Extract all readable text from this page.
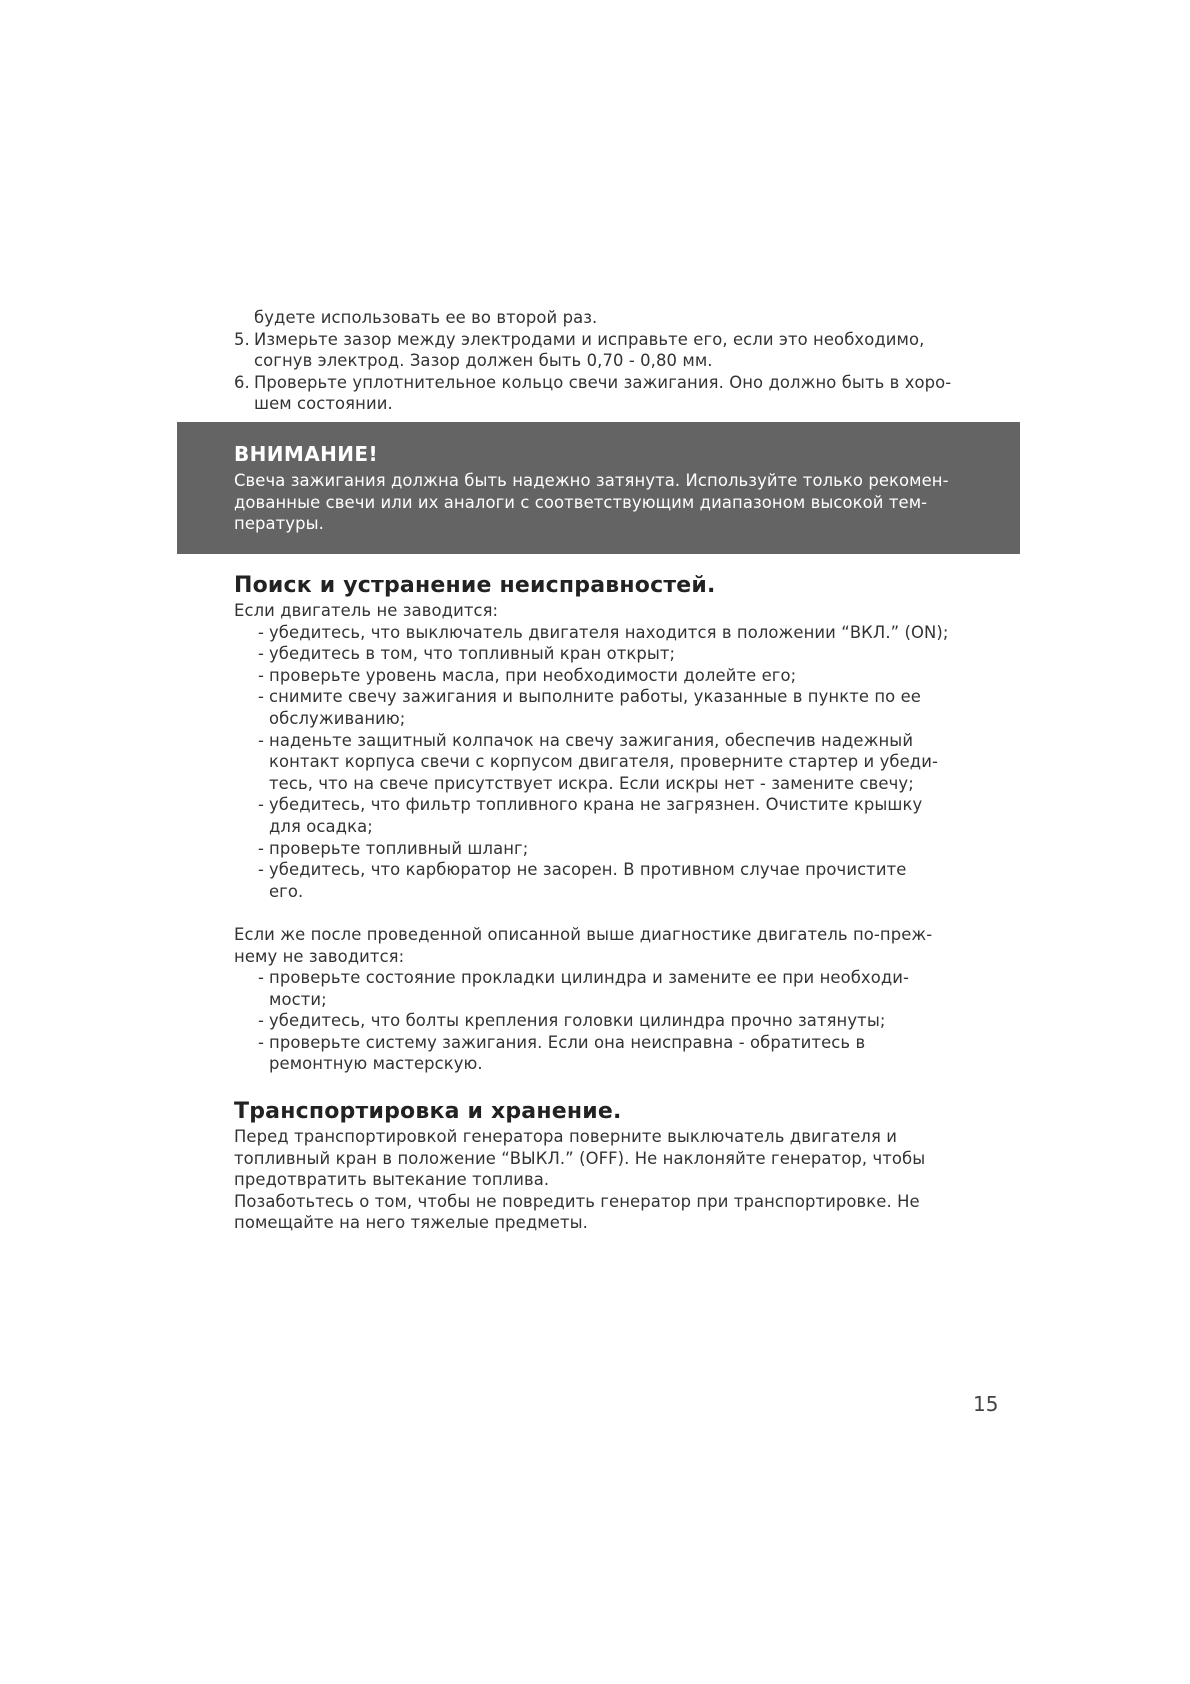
будете использовать ее во второй раз.
5. Измерьте зазор между электродами и исправьте его, если это необходимо,
согнув электрод. Зазор должен быть 0,70 - 0,80 мм.
6. Проверьте уплотнительное кольцо свечи зажигания. Оно должно быть в хоро-
шем состоянии.
ВНИМАНИЕ!
Свеча зажигания должна быть надежно затянута. Используйте только рекомен-
дованные свечи или их аналоги с соответствующим диапазоном высокой тем-
пературы.
Поиск и устранение неисправностей.
Если двигатель не заводится:
- убедитесь, что выключатель двигателя находится в положении “ВКЛ.” (ON);
- убедитесь в том, что топливный кран открыт;
- проверьте уровень масла, при необходимости долейте его;
- снимите свечу зажигания и выполните работы, указанные в пункте по ее
обслуживанию;
- наденьте защитный колпачок на свечу зажигания, обеспечив надежный
контакт корпуса свечи с корпусом двигателя, проверните стартер и убеди-
тесь, что на свече присутствует искра. Если искры нет - замените свечу;
- убедитесь, что фильтр топливного крана не загрязнен. Очистите крышку
для осадка;
- проверьте топливный шланг;
- убедитесь, что карбюратор не засорен. В противном случае прочистите
его.
Если же после проведенной описанной выше диагностике двигатель по-преж-
нему не заводится:
- проверьте состояние прокладки цилиндра и замените ее при необходи-
мости;
- убедитесь, что болты крепления головки цилиндра прочно затянуты;
- проверьте систему зажигания. Если она неисправна - обратитесь в
ремонтную мастерскую.
Транспортировка и хранение.
Перед транспортировкой генератора поверните выключатель двигателя и
топливный кран в положение “ВЫКЛ.” (OFF). Не наклоняйте генератор, чтобы
предотвратить вытекание топлива.
Позаботьтесь о том, чтобы не повредить генератор при транспортировке. Не
помещайте на него тяжелые предметы.
15
